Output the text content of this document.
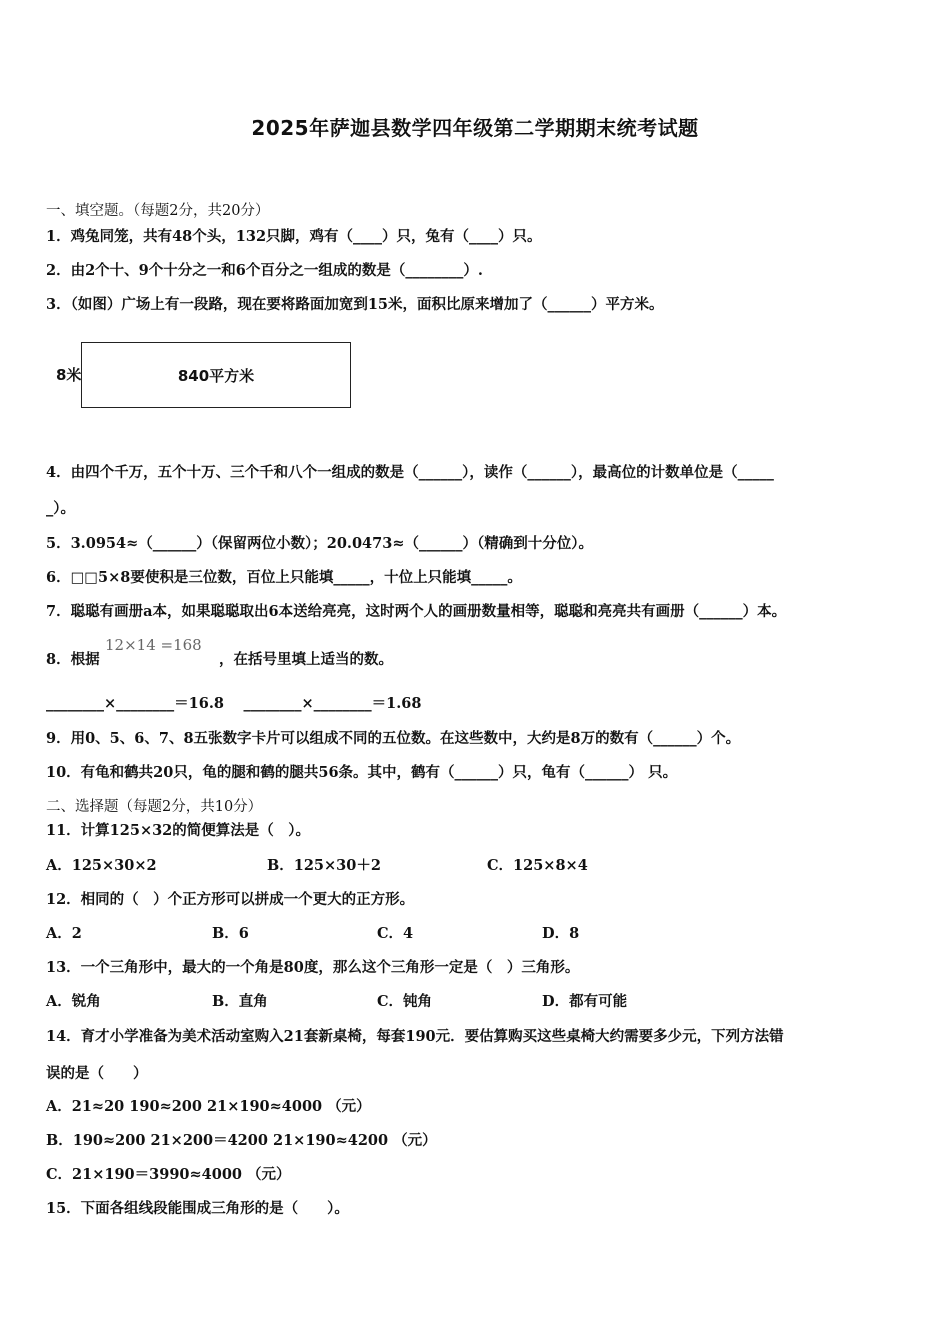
2025年萨迦县数学四年级第二学期期末统考试题
一、填空题。（每题2分，共20分）
1．鸡兔同笼，共有48个头，132只脚，鸡有（____）只，兔有（____）只。
2．由2个十、9个十分之一和6个百分之一组成的数是（________）.
3．（如图）广场上有一段路，现在要将路面加宽到15米，面积比原来增加了（______）平方米。
8米	840平方米
4．由四个千万，五个十万、三个千和八个一组成的数是（______），读作（______），最高位的计数单位是（_____
_）。
5．3.0954≈（______）（保留两位小数）；20.0473≈（______）（精确到十分位）。
6．□□5×8要使积是三位数，百位上只能填_____，十位上只能填_____。
7．聪聪有画册a本，如果聪聪取出6本送给亮亮，这时两个人的画册数量相等，聪聪和亮亮共有画册（______）本。
8．根据
12×14 =168
，在括号里填上适当的数。
________×________＝16.8　 ________×________＝1.68
9．用0、5、6、7、8五张数字卡片可以组成不同的五位数。在这些数中，大约是8万的数有（______）个。
10．有龟和鹤共20只，龟的腿和鹤的腿共56条。其中，鹤有（______）只，龟有（______） 只。
二、选择题（每题2分，共10分）
11．计算125×32的简便算法是（　）。
A．125×30×2	B．125×30＋2	C．125×8×4
12．相同的（　）个正方形可以拼成一个更大的正方形。
A．2	B．6	C．4	D．8
13．一个三角形中，最大的一个角是80度，那么这个三角形一定是（　）三角形。
A．锐角	B．直角	C．钝角	D．都有可能
14．育才小学准备为美术活动室购入21套新桌椅，每套190元．要估算购买这些桌椅大约需要多少元，下列方法错
误的是（　　）
A．21≈20 190≈200 21×190≈4000 （元）
B．190≈200 21×200＝4200 21×190≈4200 （元）
C．21×190＝3990≈4000 （元）
15．下面各组线段能围成三角形的是（　　）。
